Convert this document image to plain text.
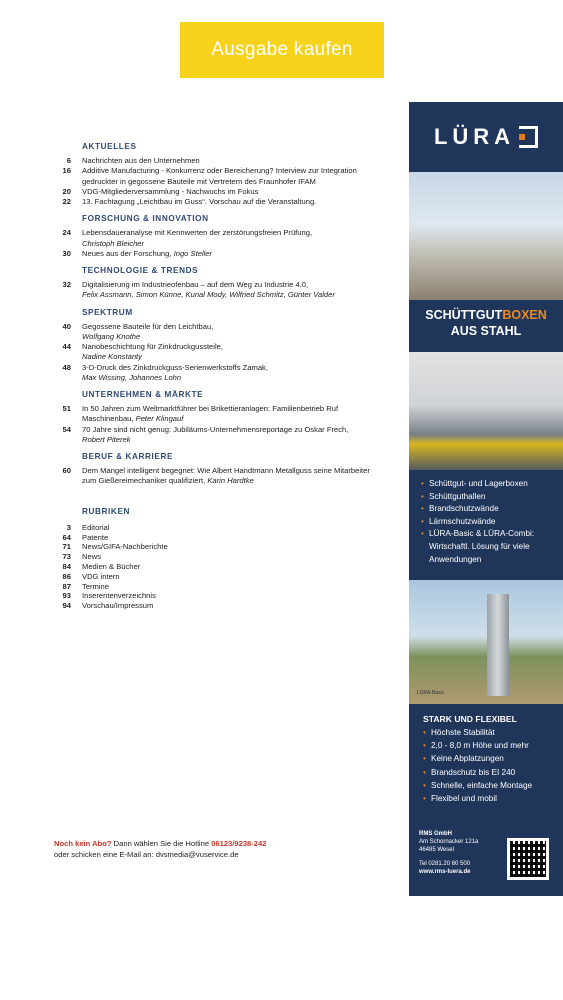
Ausgabe kaufen
AKTUELLES
6 Nachrichten aus den Unternehmen
16 Additive Manufacturing - Konkurrenz oder Bereicherung? Interview zur Integration gedruckter in gegossene Bauteile mit Vertretern des Fraunhofer IFAM
20 VDG-Mitgliederversammlung - Nachwuchs im Fokus
22 13. Fachtagung „Leichtbau im Guss“. Vorschau auf die Veranstaltung.
FORSCHUNG & INNOVATION
24 Lebensdaueranalyse mit Kennwerten der zerstörungsfreien Prüfung,
Christoph Bleicher
30 Neues aus der Forschung, Ingo Steller
TECHNOLOGIE & TRENDS
32 Digitalisierung im Industrieofenbau – auf dem Weg zu Industrie 4.0,
Felix Assmann, Simon Künne, Kunal Mody, Wilfried Schmitz, Günter Valder
SPEKTRUM
40 Gegossene Bauteile für den Leichtbau,
Wolfgang Knothe
44 Nanobeschichtung für Zinkdruckgussteile,
Nadine Konstanty
48 3-D-Druck des Zinkdruckguss-Serienwerkstoffs Zamak,
Max Wissing, Johannes Lohn
UNTERNEHMEN & MÄRKTE
51 In 50 Jahren zum Weltmarktführer bei Brikettieranlagen: Familienbetrieb Ruf Maschinenbau, Peter Klingauf
54 70 Jahre sind nicht genug: Jubiläums-Unternehmensreportage zu Oskar Frech,
Robert Piterek
BERUF & KARRIERE
60 Dem Mangel intelligent begegnet: Wie Albert Handtmann Metallguss seine Mitarbeiter zum Gießereimechaniker qualifiziert, Karin Hardtke
RUBRIKEN
3 Editorial
64 Patente
71 News/GIFA-Nachberichte
73 News
84 Medien & Bücher
86 VDG intern
87 Termine
93 Inserentenverzeichnis
94 Vorschau/Impressum
Noch kein Abo? Dann wählen Sie die Hotline 06123/9238-242
oder schicken eine E-Mail an: dvsmedia@vuservice.de
LÜRA
SCHÜTTGUTBOXEN
AUS STAHL
• Schüttgut- und Lagerboxen
• Schüttguthallen
• Brandschutzwände
• Lärmschutzwände
• LÜRA-Basic & LÜRA-Combi: Wirtschaftl. Lösung für viele Anwendungen
LÜRA-Basic
STARK UND FLEXIBEL
• Höchste Stabilität
• 2,0 - 8,0 m Höhe und mehr
• Keine Abplatzungen
• Brandschutz bis EI 240
• Schnelle, einfache Montage
• Flexibel und mobil
RMS GmbH
Am Schornacker 121a
46485 Wesel
Tel 0281.20 60 500
www.rms-luera.de
